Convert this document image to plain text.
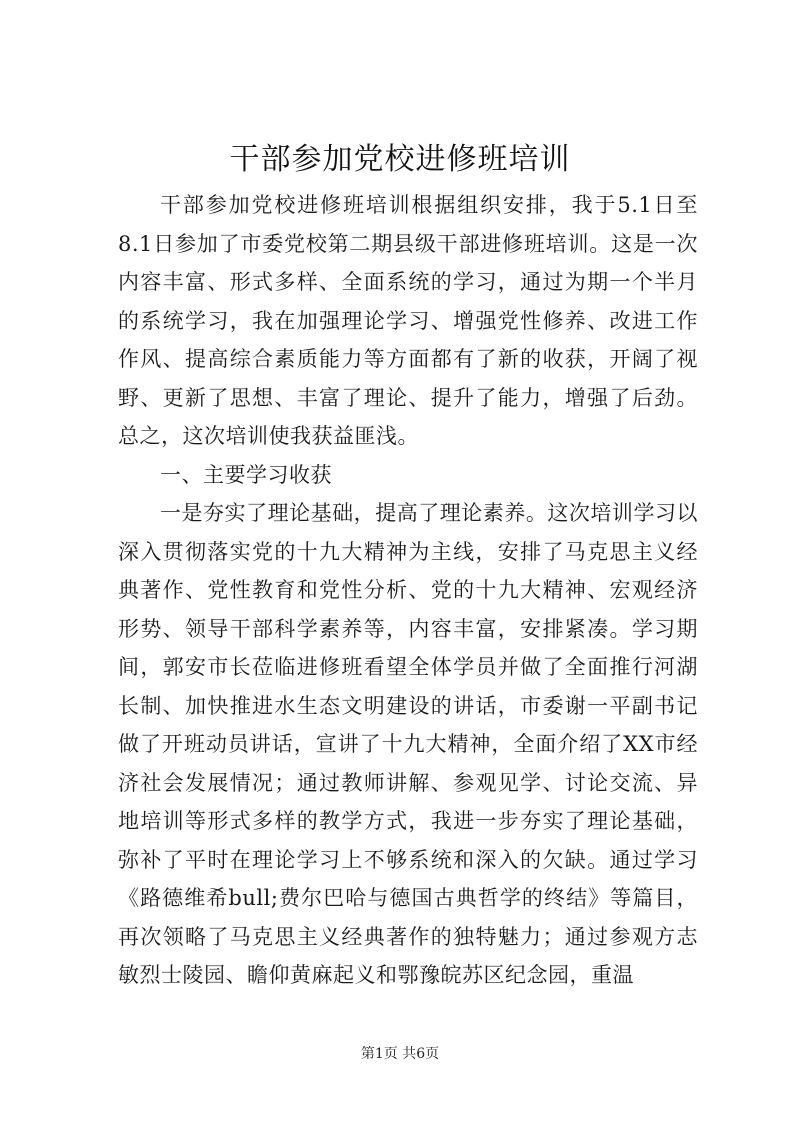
干部参加党校进修班培训

干部参加党校进修班培训根据组织安排，我于5.1日至8.1日参加了市委党校第二期县级干部进修班培训。这是一次内容丰富、形式多样、全面系统的学习，通过为期一个半月的系统学习，我在加强理论学习、增强党性修养、改进工作作风、提高综合素质能力等方面都有了新的收获，开阔了视野、更新了思想、丰富了理论、提升了能力，增强了后劲。总之，这次培训使我获益匪浅。

一、主要学习收获

一是夯实了理论基础，提高了理论素养。这次培训学习以深入贯彻落实党的十九大精神为主线，安排了马克思主义经典著作、党性教育和党性分析、党的十九大精神、宏观经济形势、领导干部科学素养等，内容丰富，安排紧凑。学习期间，郭安市长莅临进修班看望全体学员并做了全面推行河湖长制、加快推进水生态文明建设的讲话，市委谢一平副书记做了开班动员讲话，宣讲了十九大精神，全面介绍了XX市经济社会发展情况；通过教师讲解、参观见学、讨论交流、异地培训等形式多样的教学方式，我进一步夯实了理论基础，弥补了平时在理论学习上不够系统和深入的欠缺。通过学习《路德维希bull;费尔巴哈与德国古典哲学的终结》等篇目，再次领略了马克思主义经典著作的独特魅力；通过参观方志敏烈士陵园、瞻仰黄麻起义和鄂豫皖苏区纪念园，重温

第1页 共6页
